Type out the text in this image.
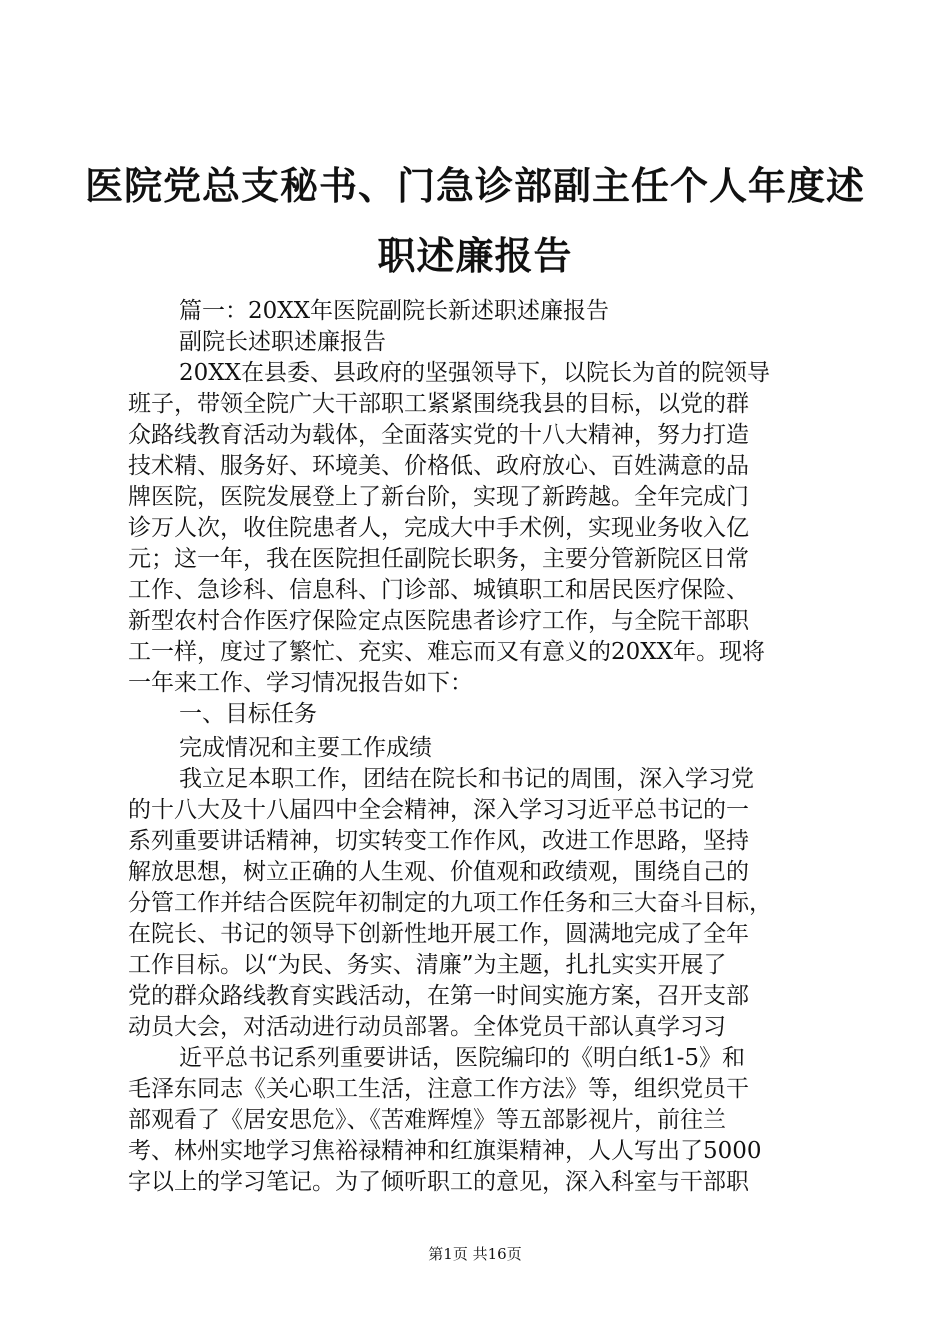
医院党总支秘书、门急诊部副主任个人年度述
职述廉报告
篇一：20XX年医院副院长新述职述廉报告
副院长述职述廉报告
20XX在县委、县政府的坚强领导下，以院长为首的院领导
班子，带领全院广大干部职工紧紧围绕我县的目标，以党的群
众路线教育活动为载体，全面落实党的十八大精神，努力打造
技术精、服务好、环境美、价格低、政府放心、百姓满意的品
牌医院，医院发展登上了新台阶，实现了新跨越。全年完成门
诊万人次，收住院患者人，完成大中手术例，实现业务收入亿
元；这一年，我在医院担任副院长职务，主要分管新院区日常
工作、急诊科、信息科、门诊部、城镇职工和居民医疗保险、
新型农村合作医疗保险定点医院患者诊疗工作，与全院干部职
工一样，度过了繁忙、充实、难忘而又有意义的20XX年。现将
一年来工作、学习情况报告如下：
一、目标任务
完成情况和主要工作成绩
我立足本职工作，团结在院长和书记的周围，深入学习党
的十八大及十八届四中全会精神，深入学习习近平总书记的一
系列重要讲话精神，切实转变工作作风，改进工作思路，坚持
解放思想，树立正确的人生观、价值观和政绩观，围绕自己的
分管工作并结合医院年初制定的九项工作任务和三大奋斗目标，
在院长、书记的领导下创新性地开展工作，圆满地完成了全年
工作目标。以“为民、务实、清廉”为主题，扎扎实实开展了
党的群众路线教育实践活动，在第一时间实施方案，召开支部
动员大会，对活动进行动员部署。全体党员干部认真学习习
近平总书记系列重要讲话，医院编印的《明白纸1-5》和
毛泽东同志《关心职工生活，注意工作方法》等，组织党员干
部观看了《居安思危》、《苦难辉煌》等五部影视片，前往兰
考、林州实地学习焦裕禄精神和红旗渠精神，人人写出了5000
字以上的学习笔记。为了倾听职工的意见，深入科室与干部职
第1页 共16页
